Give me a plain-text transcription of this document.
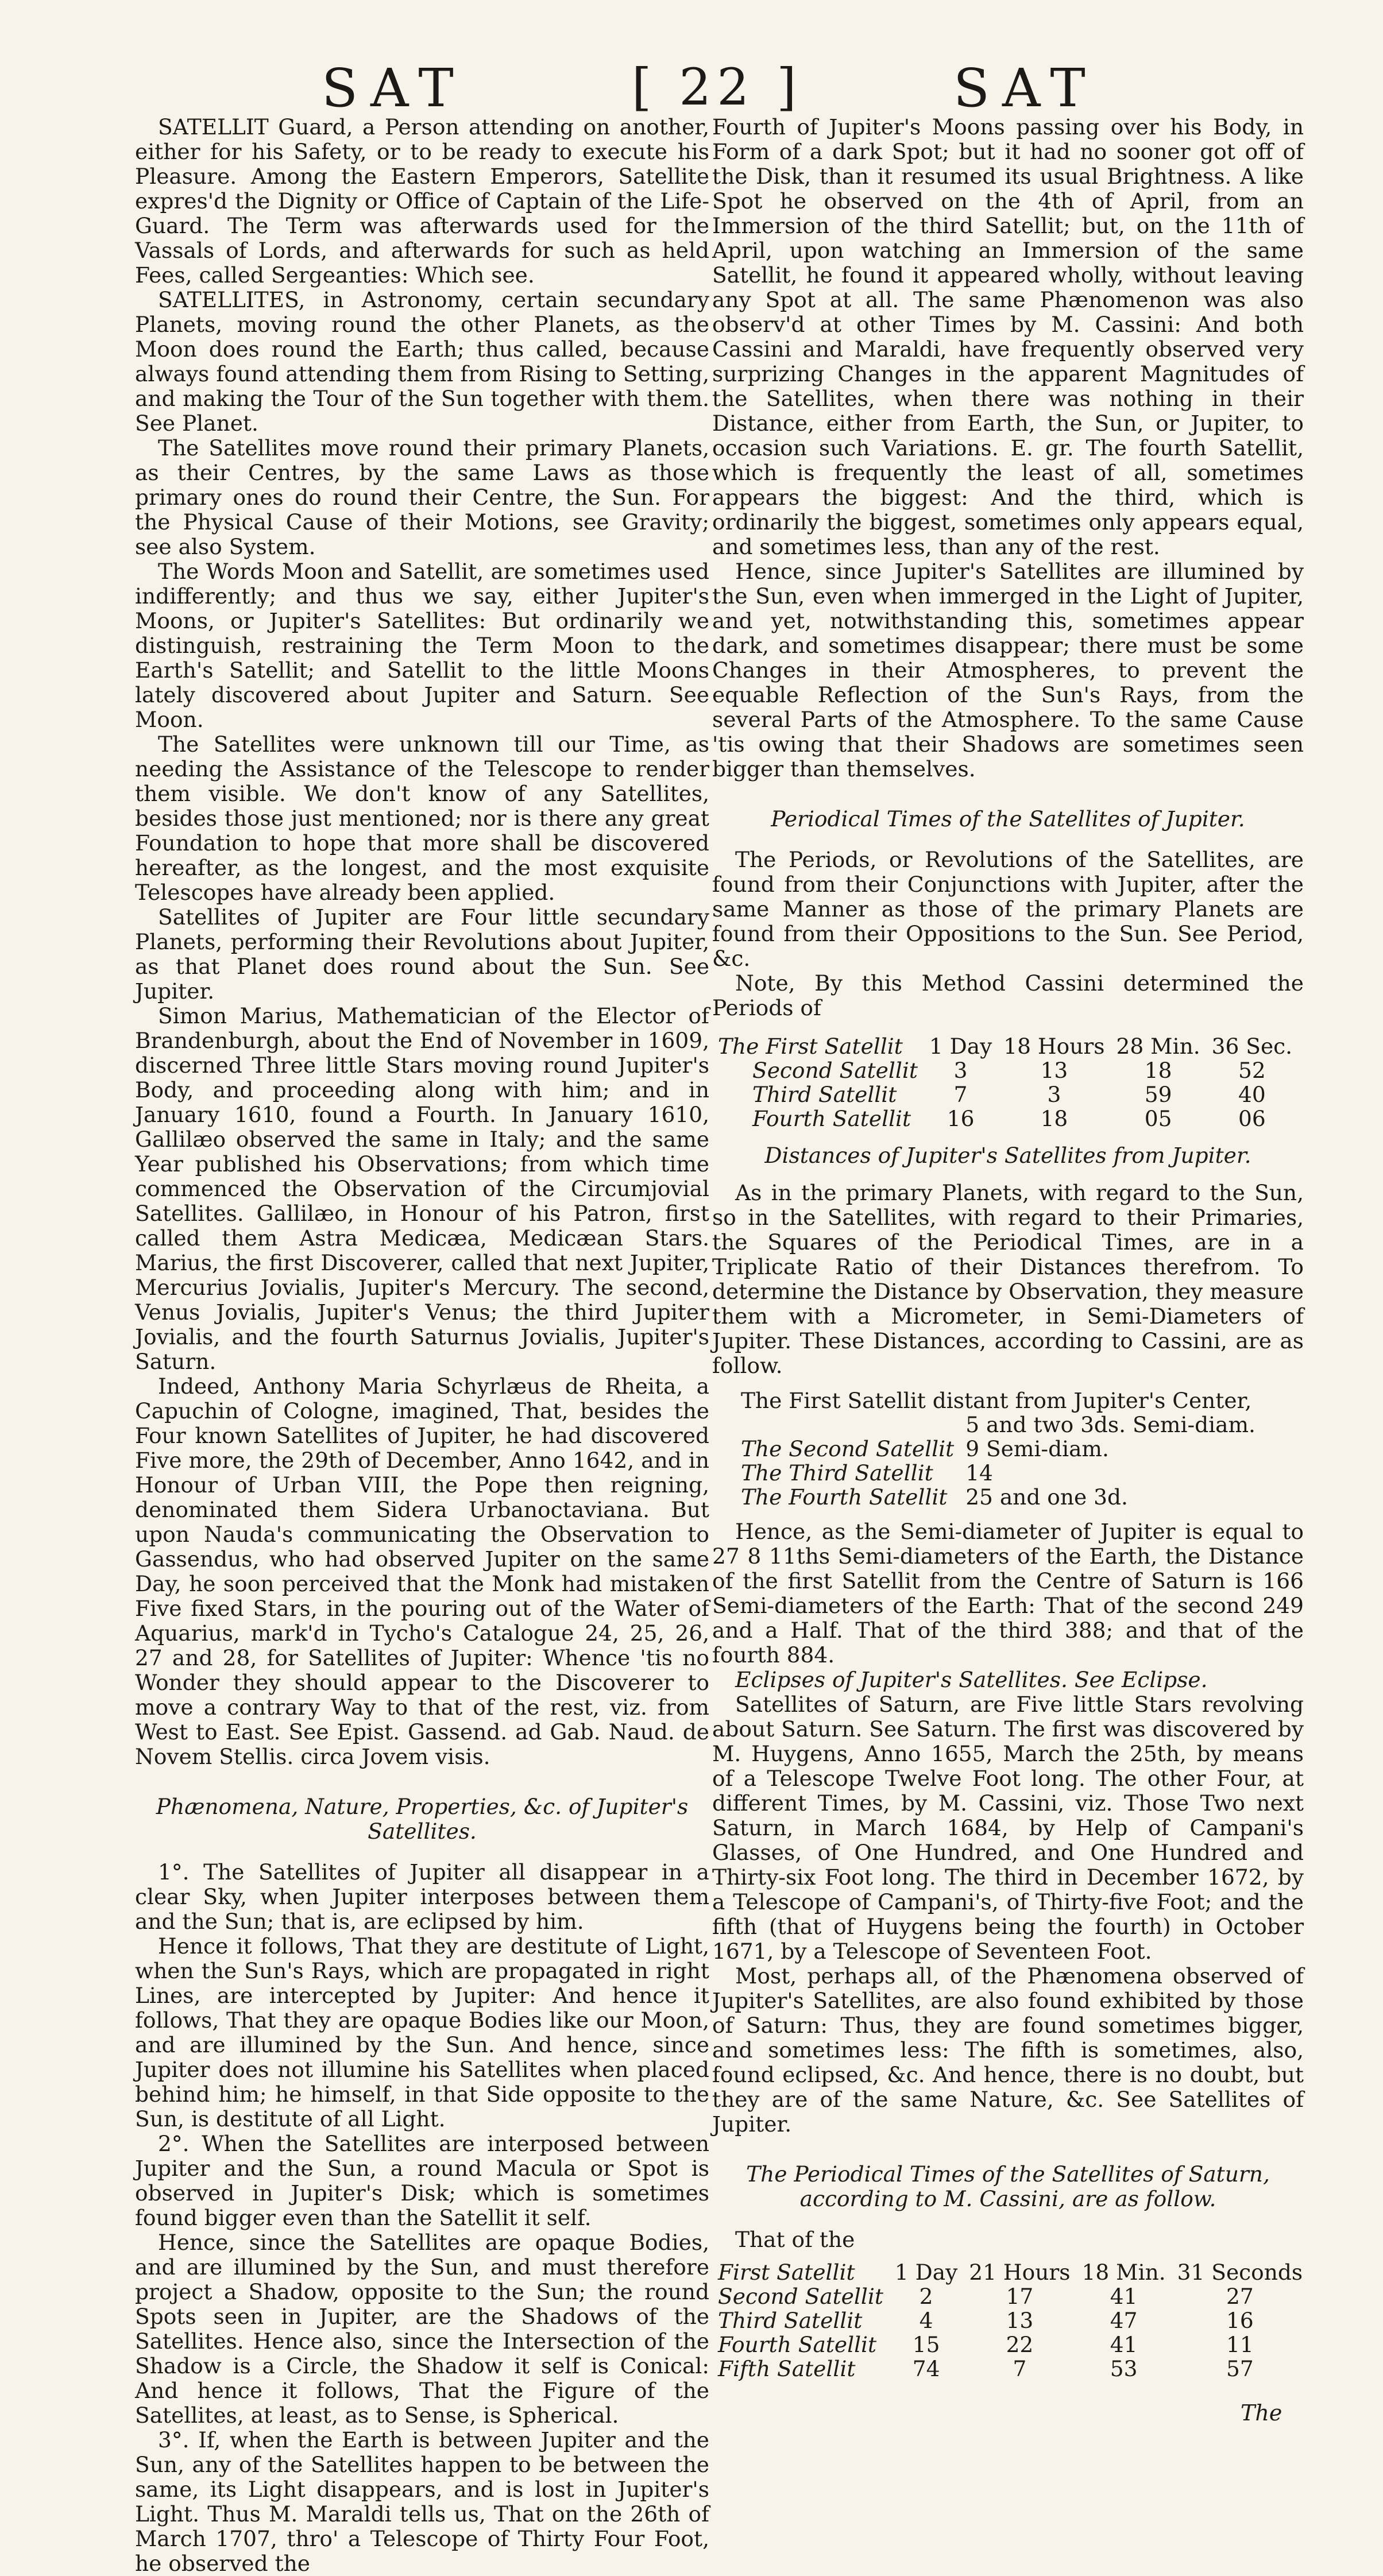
SAT	[ 22 ]	SAT

SATELLIT Guard, a Person attending on another, either for his Safety, or to be ready to execute his Pleasure. Among the Eastern Emperors, Satellite expres'd the Dignity or Office of Captain of the Life-Guard. The Term was afterwards used for the Vassals of Lords, and afterwards for such as held Fees, called Sergeanties: Which see.

SATELLITES, in Astronomy, certain secundary Planets, moving round the other Planets, as the Moon does round the Earth; thus called, because always found attending them from Rising to Setting, and making the Tour of the Sun together with them. See Planet.

The Satellites move round their primary Planets, as their Centres, by the same Laws as those primary ones do round their Centre, the Sun. For the Physical Cause of their Motions, see Gravity; see also System.

The Words Moon and Satellit, are sometimes used indifferently; and thus we say, either Jupiter's Moons, or Jupiter's Satellites: But ordinarily we distinguish, restraining the Term Moon to the Earth's Satellit; and Satellit to the little Moons lately discovered about Jupiter and Saturn. See Moon.

The Satellites were unknown till our Time, as needing the Assistance of the Telescope to render them visible. We don't know of any Satellites, besides those just mentioned; nor is there any great Foundation to hope that more shall be discovered hereafter, as the longest, and the most exquisite Telescopes have already been applied.

Satellites of Jupiter are Four little secundary Planets, performing their Revolutions about Jupiter, as that Planet does round about the Sun. See Jupiter.

Simon Marius, Mathematician of the Elector of Brandenburgh, about the End of November in 1609, discerned Three little Stars moving round Jupiter's Body, and proceeding along with him; and in January 1610, found a Fourth. In January 1610, Gallilæo observed the same in Italy; and the same Year published his Observations; from which time commenced the Observation of the Circumjovial Satellites. Gallilæo, in Honour of his Patron, first called them Astra Medicæa, Medicæan Stars. Marius, the first Discoverer, called that next Jupiter, Mercurius Jovialis, Jupiter's Mercury. The second, Venus Jovialis, Jupiter's Venus; the third Jupiter Jovialis, and the fourth Saturnus Jovialis, Jupiter's Saturn.

Indeed, Anthony Maria Schyrlæus de Rheita, a Capuchin of Cologne, imagined, That, besides the Four known Satellites of Jupiter, he had discovered Five more, the 29th of December, Anno 1642, and in Honour of Urban VIII, the Pope then reigning, denominated them Sidera Urbanoctaviana. But upon Nauda's communicating the Observation to Gassendus, who had observed Jupiter on the same Day, he soon perceived that the Monk had mistaken Five fixed Stars, in the pouring out of the Water of Aquarius, mark'd in Tycho's Catalogue 24, 25, 26, 27 and 28, for Satellites of Jupiter: Whence 'tis no Wonder they should appear to the Discoverer to move a contrary Way to that of the rest, viz. from West to East. See Epist. Gassend. ad Gab. Naud. de Novem Stellis. circa Jovem visis.

Phænomena, Nature, Properties, &c. of Jupiter's Satellites.

1°. The Satellites of Jupiter all disappear in a clear Sky, when Jupiter interposes between them and the Sun; that is, are eclipsed by him.

Hence it follows, That they are destitute of Light, when the Sun's Rays, which are propagated in right Lines, are intercepted by Jupiter: And hence it follows, That they are opaque Bodies like our Moon, and are illumined by the Sun. And hence, since Jupiter does not illumine his Satellites when placed behind him; he himself, in that Side opposite to the Sun, is destitute of all Light.

2°. When the Satellites are interposed between Jupiter and the Sun, a round Macula or Spot is observed in Jupiter's Disk; which is sometimes found bigger even than the Satellit it self.

Hence, since the Satellites are opaque Bodies, and are illumined by the Sun, and must therefore project a Shadow, opposite to the Sun; the round Spots seen in Jupiter, are the Shadows of the Satellites. Hence also, since the Intersection of the Shadow is a Circle, the Shadow it self is Conical: And hence it follows, That the Figure of the Satellites, at least, as to Sense, is Spherical.

3°. If, when the Earth is between Jupiter and the Sun, any of the Satellites happen to be between the same, its Light disappears, and is lost in Jupiter's Light. Thus M. Maraldi tells us, That on the 26th of March 1707, thro' a Telescope of Thirty Four Foot, he observed the

Fourth of Jupiter's Moons passing over his Body, in Form of a dark Spot; but it had no sooner got off of the Disk, than it resumed its usual Brightness. A like Spot he observed on the 4th of April, from an Immersion of the third Satellit; but, on the 11th of April, upon watching an Immersion of the same Satellit, he found it appeared wholly, without leaving any Spot at all. The same Phænomenon was also observ'd at other Times by M. Cassini: And both Cassini and Maraldi, have frequently observed very surprizing Changes in the apparent Magnitudes of the Satellites, when there was nothing in their Distance, either from Earth, the Sun, or Jupiter, to occasion such Variations. E. gr. The fourth Satellit, which is frequently the least of all, sometimes appears the biggest: And the third, which is ordinarily the biggest, sometimes only appears equal, and sometimes less, than any of the rest.

Hence, since Jupiter's Satellites are illumined by the Sun, even when immerged in the Light of Jupiter, and yet, notwithstanding this, sometimes appear dark, and sometimes disappear; there must be some Changes in their Atmospheres, to prevent the equable Reflection of the Sun's Rays, from the several Parts of the Atmosphere. To the same Cause 'tis owing that their Shadows are sometimes seen bigger than themselves.

Periodical Times of the Satellites of Jupiter.

The Periods, or Revolutions of the Satellites, are found from their Conjunctions with Jupiter, after the same Manner as those of the primary Planets are found from their Oppositions to the Sun. See Period, &c.

Note, By this Method Cassini determined the Periods of

The First Satellit	1 Day	18 Hours	28 Min.	36 Sec.
Second Satellit	3	13	18	52
Third Satellit	7	3	59	40
Fourth Satellit	16	18	05	06

Distances of Jupiter's Satellites from Jupiter.

As in the primary Planets, with regard to the Sun, so in the Satellites, with regard to their Primaries, the Squares of the Periodical Times, are in a Triplicate Ratio of their Distances therefrom. To determine the Distance by Observation, they measure them with a Micrometer, in Semi-Diameters of Jupiter. These Distances, according to Cassini, are as follow.

The First Satellit distant from Jupiter's Center,	
	5 and two 3ds. Semi-diam.
The Second Satellit	9 Semi-diam.
The Third Satellit	14
The Fourth Satellit	25 and one 3d.

Hence, as the Semi-diameter of Jupiter is equal to 27 8 11ths Semi-diameters of the Earth, the Distance of the first Satellit from the Centre of Saturn is 166 Semi-diameters of the Earth: That of the second 249 and a Half. That of the third 388; and that of the fourth 884.

Eclipses of Jupiter's Satellites. See Eclipse.

Satellites of Saturn, are Five little Stars revolving about Saturn. See Saturn. The first was discovered by M. Huygens, Anno 1655, March the 25th, by means of a Telescope Twelve Foot long. The other Four, at different Times, by M. Cassini, viz. Those Two next Saturn, in March 1684, by Help of Campani's Glasses, of One Hundred, and One Hundred and Thirty-six Foot long. The third in December 1672, by a Telescope of Campani's, of Thirty-five Foot; and the fifth (that of Huygens being the fourth) in October 1671, by a Telescope of Seventeen Foot.

Most, perhaps all, of the Phænomena observed of Jupiter's Satellites, are also found exhibited by those of Saturn: Thus, they are found sometimes bigger, and sometimes less: The fifth is sometimes, also, found eclipsed, &c. And hence, there is no doubt, but they are of the same Nature, &c. See Satellites of Jupiter.

The Periodical Times of the Satellites of Saturn, according to M. Cassini, are as follow.

That of the

First Satellit	1 Day	21 Hours	18 Min.	31 Seconds
Second Satellit	2	17	41	27
Third Satellit	4	13	47	16
Fourth Satellit	15	22	41	11
Fifth Satellit	74	7	53	57
The
